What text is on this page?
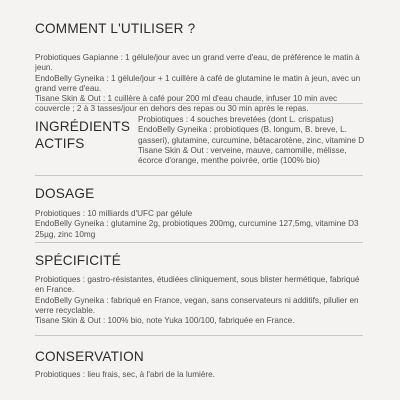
COMMENT L'UTILISER ?

Probiotiques Gapianne : 1 gélule/jour avec un grand verre d'eau, de préférence le matin à jeun.

EndoBelly Gyneika : 1 gélule/jour + 1 cuillère à café de glutamine le matin à jeun, avec un grand verre d'eau.

Tisane Skin & Out : 1 cuillère à café pour 200 ml d'eau chaude, infuser 10 min avec couvercle ; 2 à 3 tasses/jour en dehors des repas ou 30 min après le repas.

INGRÉDIENTS ACTIFS

Probiotiques : 4 souches brevetées (dont L. crispatus)

EndoBelly Gyneika : probiotiques (B. longum, B. breve, L. gasseri), glutamine, curcumine, bêtacarotène, zinc, vitamine D

Tisane Skin & Out : verveine, mauve, camomille, mélisse, écorce d'orange, menthe poivrée, ortie (100% bio)

DOSAGE

Probiotiques : 10 milliards d'UFC par gélule

EndoBelly Gyneika : glutamine 2g, probiotiques 200mg, curcumine 127,5mg, vitamine D3 25µg, zinc 10mg

SPÉCIFICITÉ

Probiotiques : gastro-résistantes, étudiées cliniquement, sous blister hermétique, fabriqué en France.

EndoBelly Gyneika : fabriqué en France, vegan, sans conservateurs ni additifs, pilulier en verre recyclable.

Tisane Skin & Out : 100% bio, note Yuka 100/100, fabriquée en France.

CONSERVATION

Probiotiques : lieu frais, sec, à l'abri de la lumière.
